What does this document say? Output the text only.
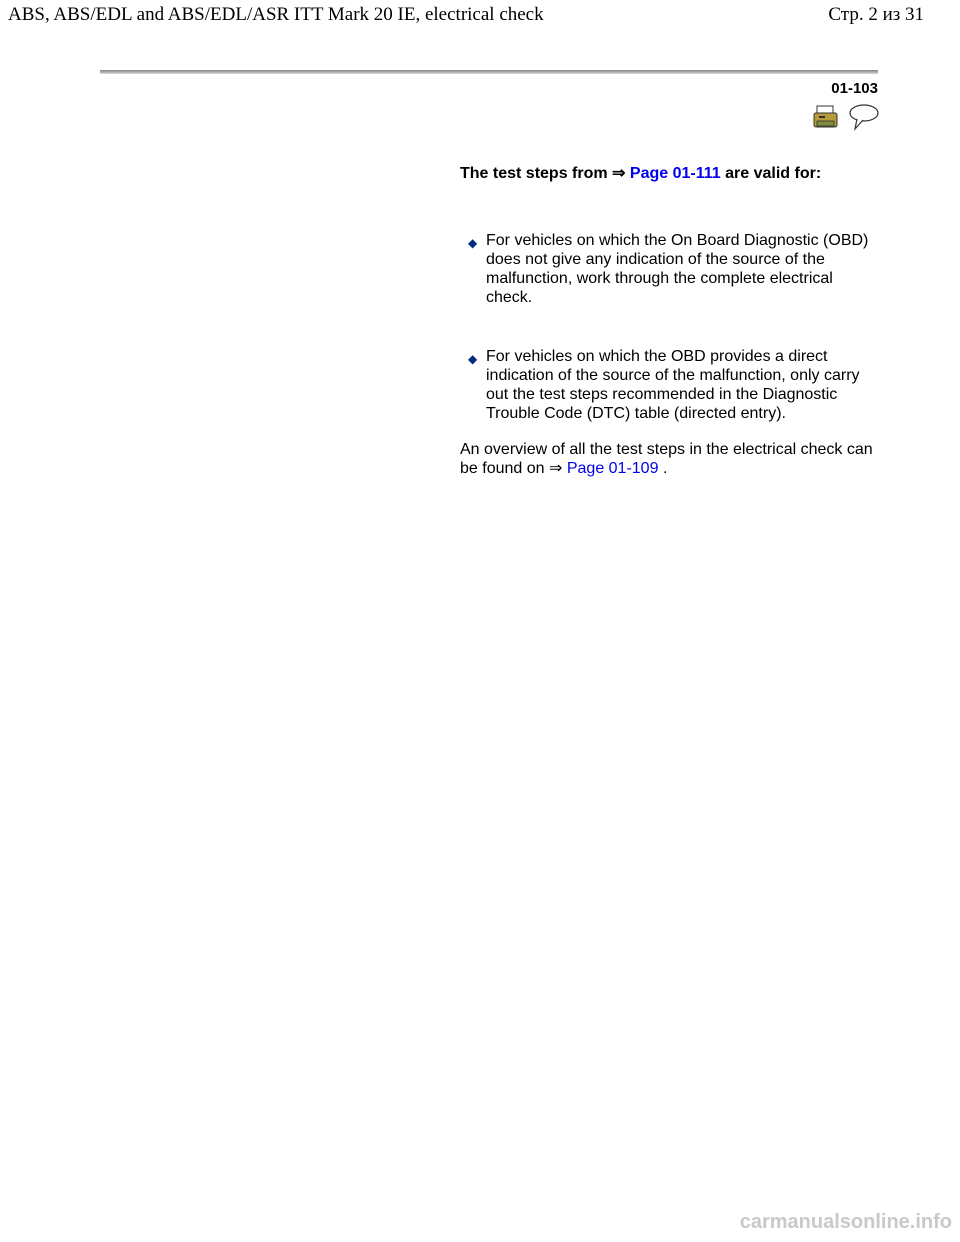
ABS, ABS/EDL and ABS/EDL/ASR ITT Mark 20 IE, electrical check	Стр. 2 из 31
01-103

The test steps from ⇒ Page 01-111 are valid for:

◆ For vehicles on which the On Board Diagnostic (OBD) does not give any indication of the source of the malfunction, work through the complete electrical check.

◆ For vehicles on which the OBD provides a direct indication of the source of the malfunction, only carry out the test steps recommended in the Diagnostic Trouble Code (DTC) table (directed entry).

An overview of all the test steps in the electrical check can be found on ⇒ Page 01-109 .

carmanualsonline.info
